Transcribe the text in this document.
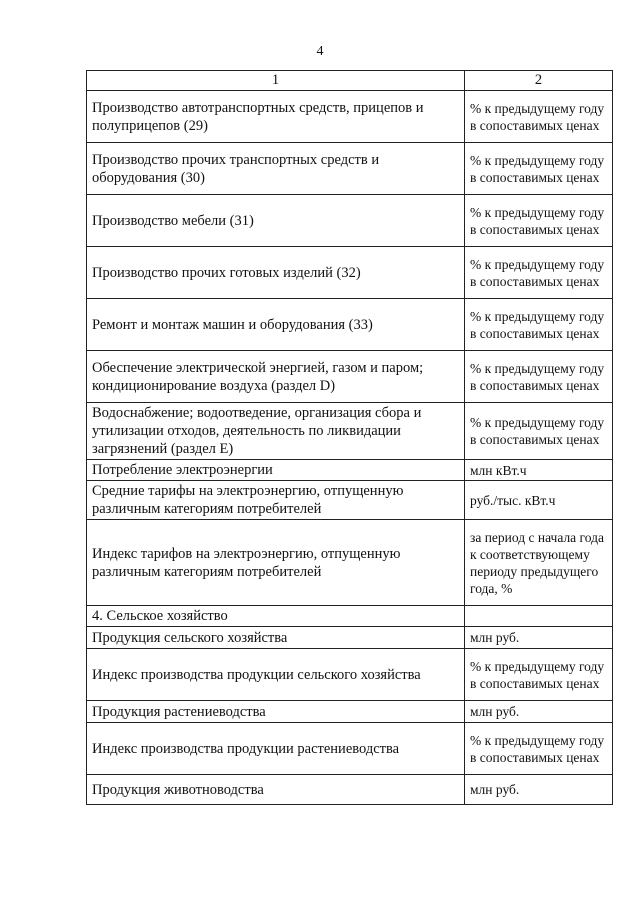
4
1	2
Производство автотранспортных средств, прицепов и полуприцепов (29)	% к предыдущему году в сопоставимых ценах
Производство прочих транспортных средств и оборудования (30)	% к предыдущему году в сопоставимых ценах
Производство мебели (31)	% к предыдущему году в сопоставимых ценах
Производство прочих готовых изделий (32)	% к предыдущему году в сопоставимых ценах
Ремонт и монтаж машин и оборудования (33)	% к предыдущему году в сопоставимых ценах
Обеспечение электрической энергией, газом и паром; кондиционирование воздуха (раздел D)	% к предыдущему году в сопоставимых ценах
Водоснабжение; водоотведение, организация сбора и утилизации отходов, деятельность по ликвидации загрязнений (раздел E)	% к предыдущему году в сопоставимых ценах
Потребление электроэнергии	млн кВт.ч
Средние тарифы на электроэнергию, отпущенную различным категориям потребителей	руб./тыс. кВт.ч
Индекс тарифов на электроэнергию, отпущенную различным категориям потребителей	за период с начала года к соответствующему периоду предыдущего года, %
4. Сельское хозяйство	
Продукция сельского хозяйства	млн руб.
Индекс производства продукции сельского хозяйства	% к предыдущему году в сопоставимых ценах
Продукция растениеводства	млн руб.
Индекс производства продукции растениеводства	% к предыдущему году в сопоставимых ценах
Продукция животноводства	млн руб.
